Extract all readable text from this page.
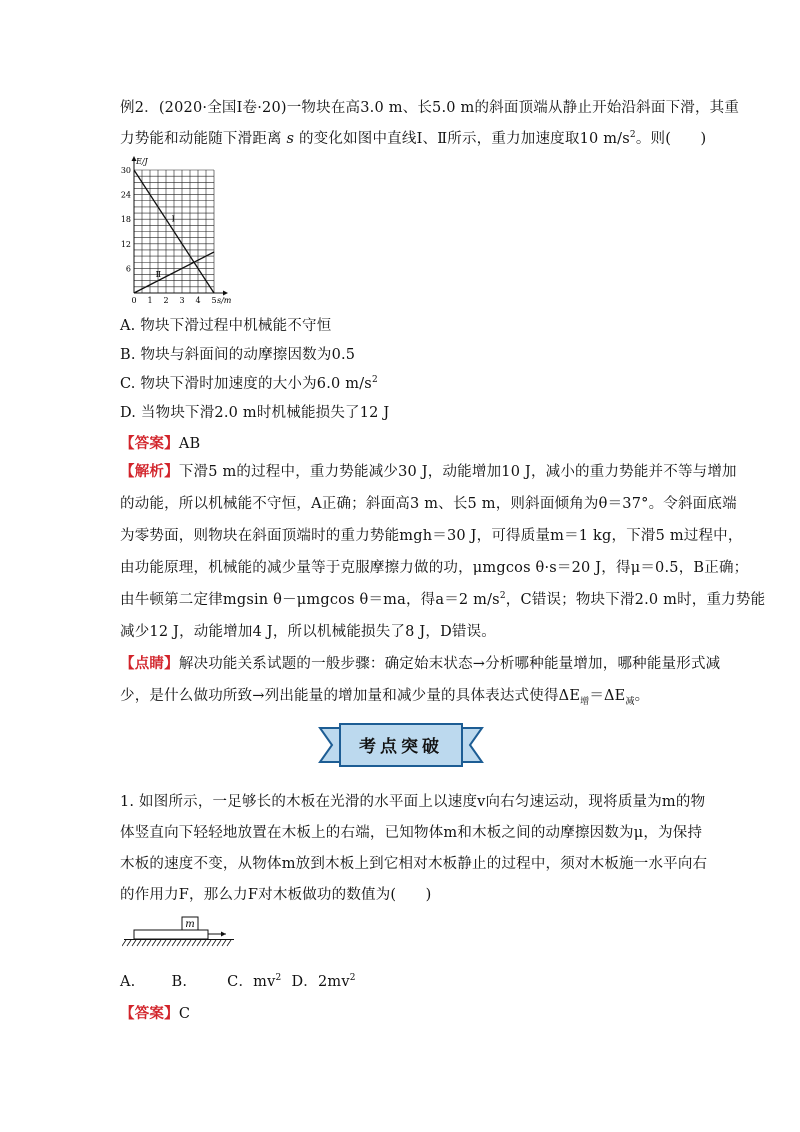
例2．(2020·全国Ⅰ卷·20)一物块在高3.0 m、长5.0 m的斜面顶端从静止开始沿斜面下滑，其重
力势能和动能随下滑距离 s 的变化如图中直线Ⅰ、Ⅱ所示，重力加速度取10 $m/s^2$。则(　　)
0 1 2 3 4 5
6
12
18
24
30
E/J
s/m
Ⅰ
Ⅱ
A. 物块下滑过程中机械能不守恒
B. 物块与斜面间的动摩擦因数为0.5
C. 物块下滑时加速度的大小为6.0 $m/s^2$
D. 当物块下滑2.0 m时机械能损失了12 J
【答案】AB
【解析】下滑5 m的过程中，重力势能减少30 J，动能增加10 J，减小的重力势能并不等与增加
的动能，所以机械能不守恒，A正确；斜面高3 m、长5 m，则斜面倾角为θ＝37°。令斜面底端
为零势面，则物块在斜面顶端时的重力势能mgh＝30 J，可得质量m＝1 kg，下滑5 m过程中，
由功能原理，机械能的减少量等于克服摩擦力做的功，μmgcos θ·s＝20 J，得μ＝0.5，B正确；
由牛顿第二定律mgsin θ－μmgcos θ＝ma，得a＝2 $m/s^2$，C错误；物块下滑2.0 m时，重力势能
减少12 J，动能增加4 J，所以机械能损失了8 J，D错误。
【点睛】解决功能关系试题的一般步骤：确定始末状态→分析哪种能量增加，哪种能量形式减
少，是什么做功所致→列出能量的增加量和减少量的具体表达式使得$\Delta E_增=\Delta E_减$。
考点突破
1. 如图所示，一足够长的木板在光滑的水平面上以速度v向右匀速运动，现将质量为m的物
体竖直向下轻轻地放置在木板上的右端，已知物体m和木板之间的动摩擦因数为μ，为保持
木板的速度不变，从物体m放到木板上到它相对木板静止的过程中，须对木板施一水平向右
的作用力F，那么力F对木板做功的数值为(　　)
m
A. B.	C．$mv^2$ D．$2mv^2$
【答案】C
